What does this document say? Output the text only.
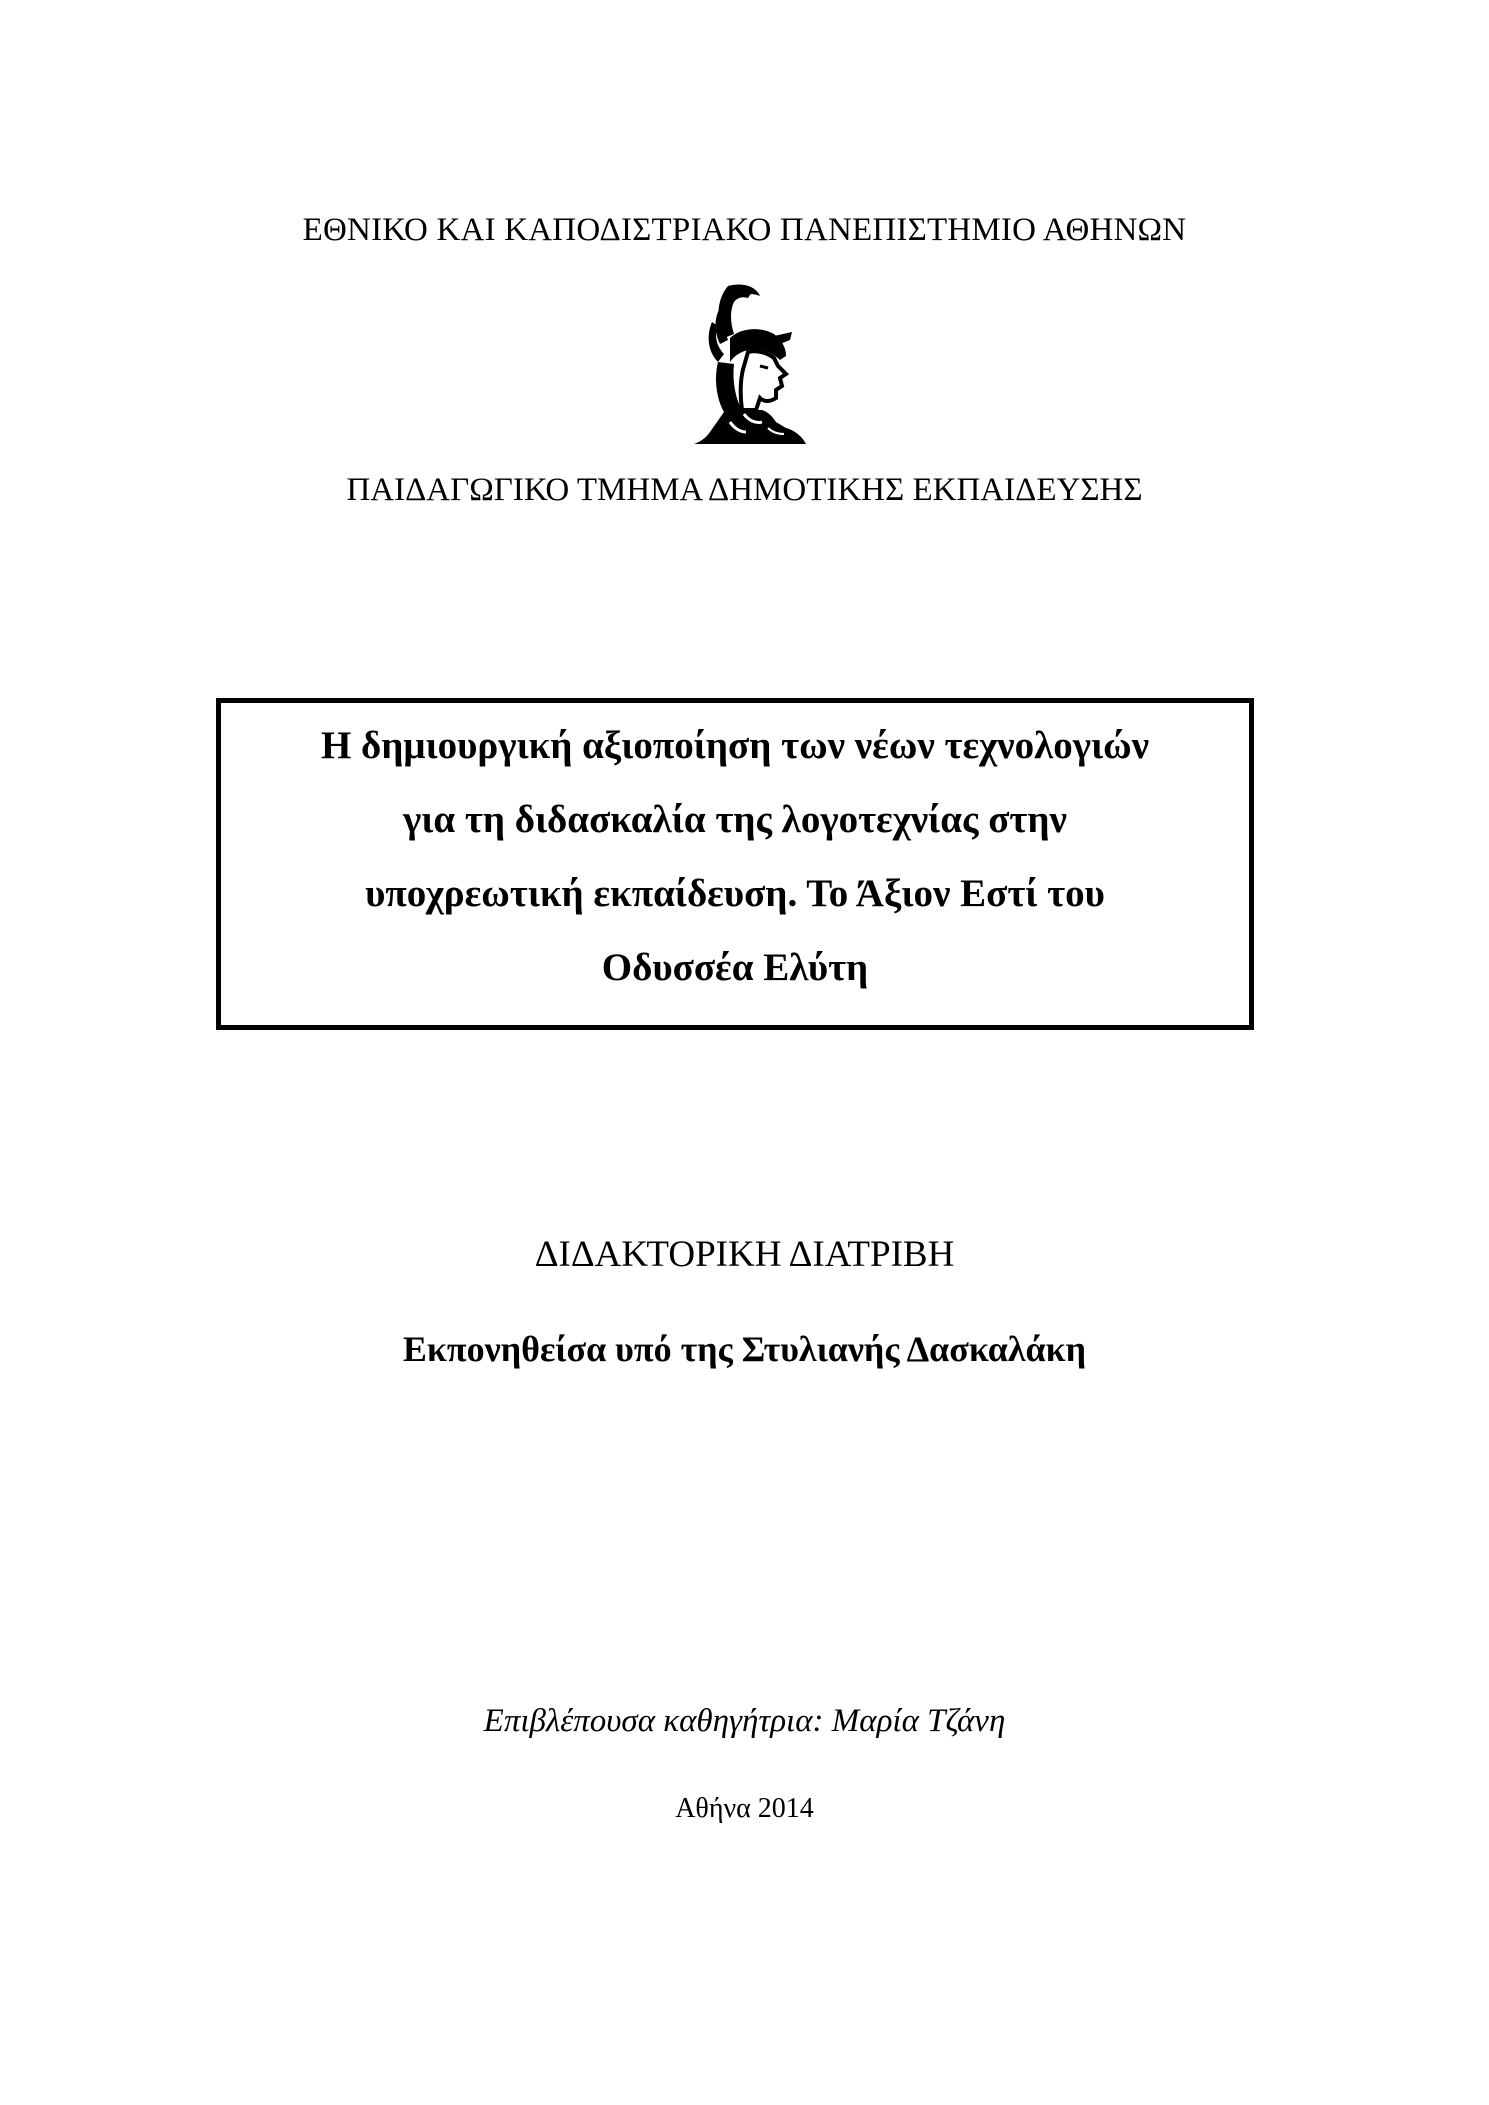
ΕΘΝΙΚΟ ΚΑΙ ΚΑΠΟΔΙΣΤΡΙΑΚΟ ΠΑΝΕΠΙΣΤΗΜΙΟ ΑΘΗΝΩΝ
ΠΑΙΔΑΓΩΓΙΚΟ ΤΜΗΜΑ ΔΗΜΟΤΙΚΗΣ ΕΚΠΑΙΔΕΥΣΗΣ
Η δημιουργική αξιοποίηση των νέων τεχνολογιών
για τη διδασκαλία της λογοτεχνίας στην
υποχρεωτική εκπαίδευση. Το Άξιον Εστί του
Οδυσσέα Ελύτη
ΔΙΔΑΚΤΟΡΙΚΗ ΔΙΑΤΡΙΒΗ
Εκπονηθείσα υπό της Στυλιανής Δασκαλάκη
Επιβλέπουσα καθηγήτρια: Μαρία Τζάνη
Αθήνα 2014
